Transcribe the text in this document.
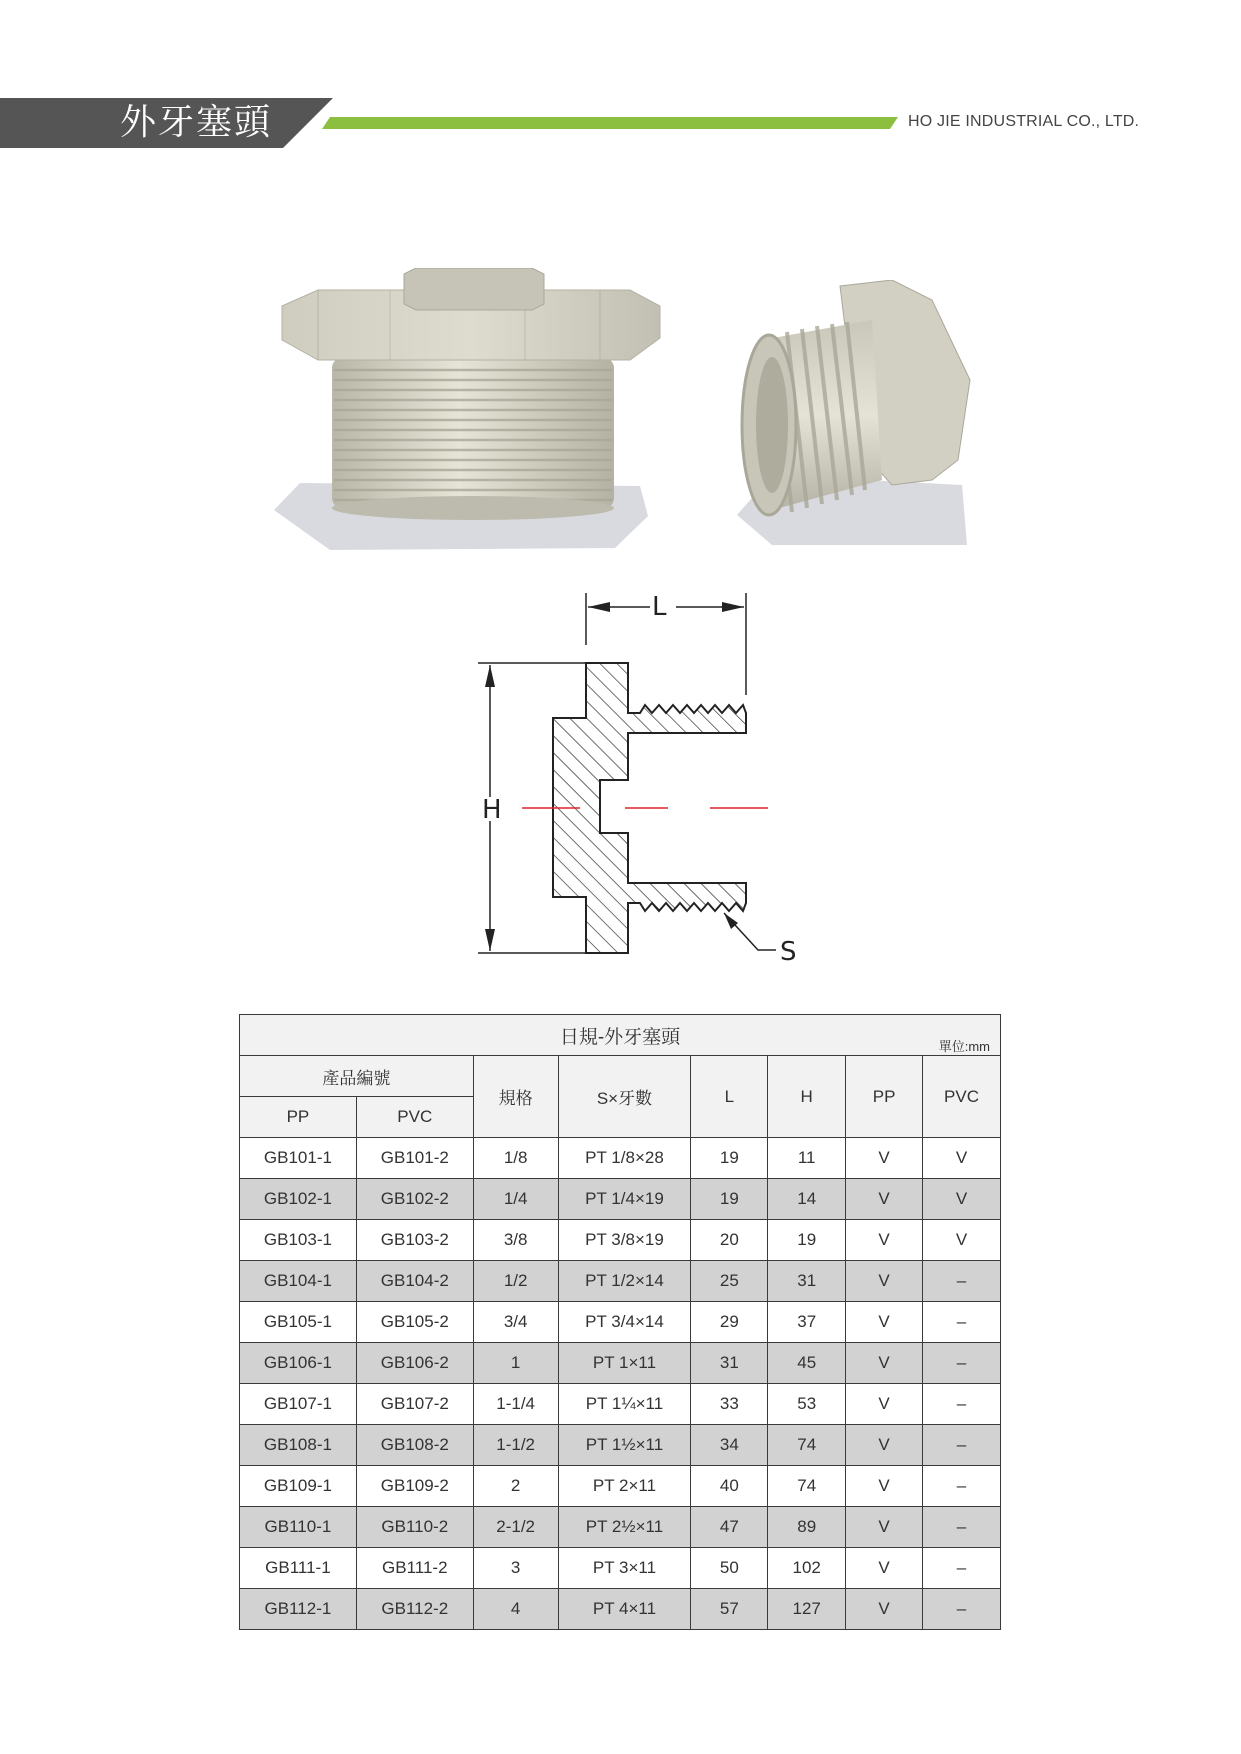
外牙塞頭	HO JIE INDUSTRIAL CO., LTD.
L
H
S
日規-外牙塞頭 單位:mm							

產品編號		規格	S×牙數	L	H	PP	PVC
PP	PVC						
GB101-1	GB101-2	1/8	PT 1/8×28	19	11	V	V
GB102-1	GB102-2	1/4	PT 1/4×19	19	14	V	V
GB103-1	GB103-2	3/8	PT 3/8×19	20	19	V	V
GB104-1	GB104-2	1/2	PT 1/2×14	25	31	V	–
GB105-1	GB105-2	3/4	PT 3/4×14	29	37	V	–
GB106-1	GB106-2	1	PT 1×11	31	45	V	–
GB107-1	GB107-2	1-1/4	PT 1¼×11	33	53	V	–
GB108-1	GB108-2	1-1/2	PT 1½×11	34	74	V	–
GB109-1	GB109-2	2	PT 2×11	40	74	V	–
GB110-1	GB110-2	2-1/2	PT 2½×11	47	89	V	–
GB111-1	GB111-2	3	PT 3×11	50	102	V	–
GB112-1	GB112-2	4	PT 4×11	57	127	V	–
